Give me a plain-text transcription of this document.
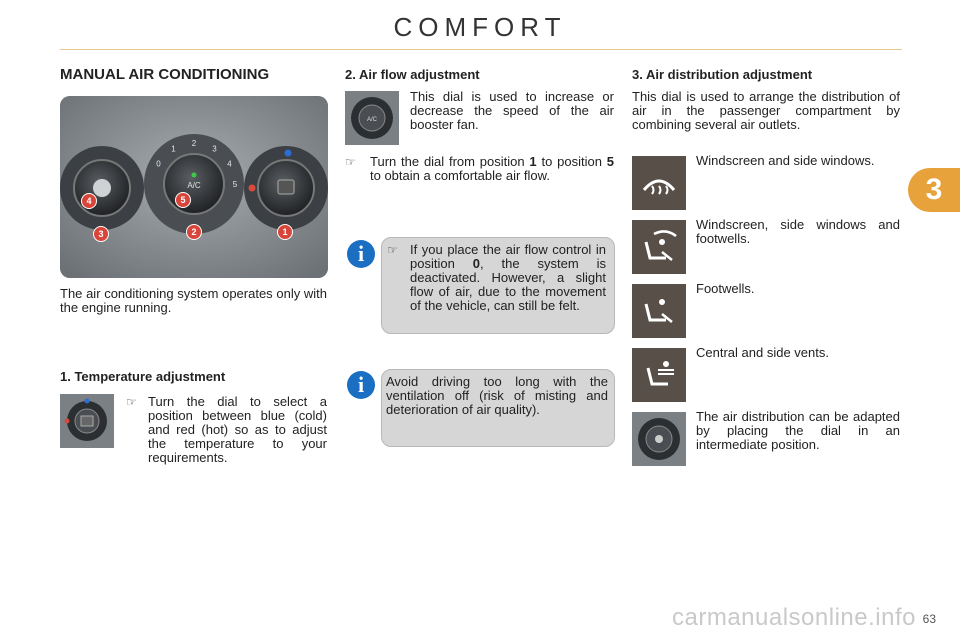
COMFORT
3
MANUAL AIR CONDITIONING
A/C
0
1
2
3
4
5
4	5
3	2	1
The air conditioning system operates only with the engine running.
1. Temperature adjustment
☞ Turn the dial to select a position between blue (cold) and red (hot) so as to adjust the temperature to your requirements.
2. Air flow adjustment
A/C
This dial is used to increase or decrease the speed of the air booster fan.
☞ Turn the dial from position 1 to position 5 to obtain a comfortable air flow.
i	☞ If you place the air flow control in position 0, the system is deactivated. However, a slight flow of air, due to the movement of the vehicle, can still be felt.
i	Avoid driving too long with the ventilation off (risk of misting and deterioration of air quality).
3. Air distribution adjustment
This dial is used to arrange the distribution of air in the passenger compartment by combining several air outlets.
Windscreen and side windows.
Windscreen, side windows and footwells.
Footwells.
Central and side vents.
The air distribution can be adapted by placing the dial in an intermediate position.
carmanualsonline.info 63
